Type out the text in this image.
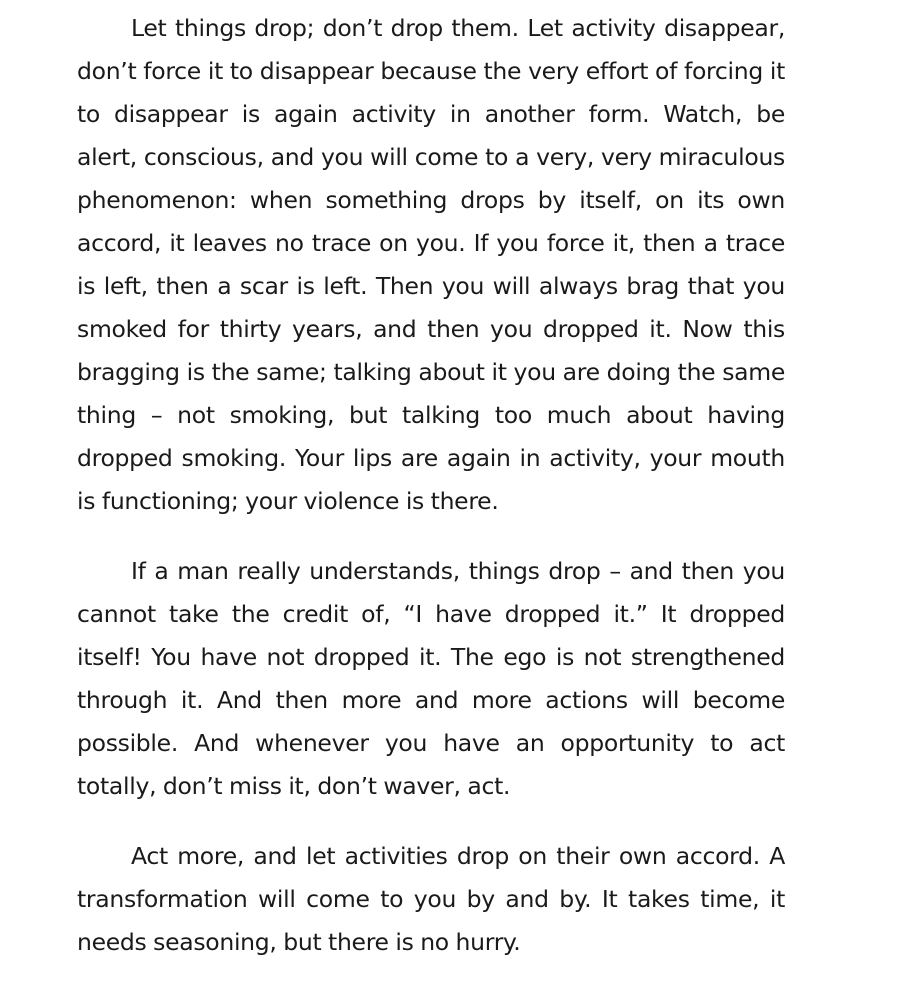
Let things drop; don’t drop them. Let activity disappear, don’t force it to disappear because the very effort of forcing it to disappear is again activity in another form. Watch, be alert, conscious, and you will come to a very, very miraculous phenomenon: when something drops by itself, on its own accord, it leaves no trace on you. If you force it, then a trace is left, then a scar is left. Then you will always brag that you smoked for thirty years, and then you dropped it. Now this bragging is the same; talking about it you are doing the same thing – not smoking, but talking too much about having dropped smoking. Your lips are again in activity, your mouth is functioning; your violence is there.

If a man really understands, things drop – and then you cannot take the credit of, “I have dropped it.” It dropped itself! You have not dropped it. The ego is not strengthened through it. And then more and more actions will become possible. And whenever you have an opportunity to act totally, don’t miss it, don’t waver, act.

Act more, and let activities drop on their own accord. A transformation will come to you by and by. It takes time, it needs seasoning, but there is no hurry.
